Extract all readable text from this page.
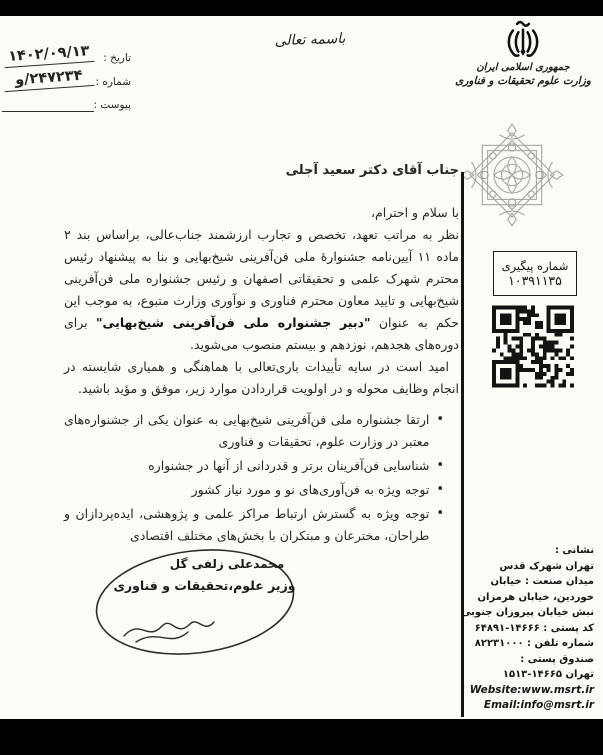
تاریخ :
۱۴۰۲/۰۹/۱۳
شماره :
۲۴۷۲۳۴/و
پیوست :
باسمه تعالی
جمهوری اسلامی ایران
وزارت علوم تحقیقات و فناوری
شماره پیگیری
۱۰۳۹۱۱۳۵
جناب آقای دکتر سعید آجلی
با سلام و احترام،

نظر به مراتب تعهد، تخصص و تجارب ارزشمند جناب‌عالی، براساس بند ۲ ماده ۱۱ آیین‌نامه جشنوارۀ ملی فن‌آفرینی شیخ‌بهایی و بنا به پیشنهاد رئیس محترم شهرک علمی و تحقیقاتی اصفهان و رئیس جشنواره ملی فن‌آفرینی شیخ‌بهایی و تایید معاون محترم فناوری و نوآوری وزارت متبوع، به موجب این حکم به عنوان "دبیر جشنواره ملی فن‌آفرینی شیخ‌بهایی" برای دوره‌های هجدهم، نوزدهم و بیستم منصوب می‌شوید.

امید است در سایه تأییدات باری‌تعالی با هماهنگی و همیاری شایسته در انجام وظایف محوله و در اولویت قراردادن موارد زیر، موفق و مؤید باشید.

•
ارتقا جشنواره ملی فن‌آفرینی شیخ‌بهایی به عنوان یکی از جشنواره‌های معتبر در وزارت علوم، تحقیقات و فناوری
•
شناسایی فن‌آفرینان برتر و قدردانی از آنها در جشنواره
•
توجه ویژه به فن‌آوری‌های نو و مورد نیاز کشور
•
توجه ویژه به گسترش ارتباط مراکز علمی و پژوهشی، ایده‌پردازان و طراحان، مخترعان و مبتکران با بخش‌های مختلف اقتصادی
محمدعلی زلفی گل
وزیر علوم،تحقیقات و فناوری
نشانی :
تهران شهرک قدس
میدان صنعت : خیابان
خوردین، خیابان هرمزان
نبش خیابان پیروزان جنوبی
کد پستی : ۱۴۶۶۶-۶۴۸۹۱
شماره تلفن : ۸۲۲۳۱۰۰۰
صندوق پستی :
تهران ۱۴۶۶۵-۱۵۱۳
Website:www.msrt.ir
Email:info@msrt.ir
